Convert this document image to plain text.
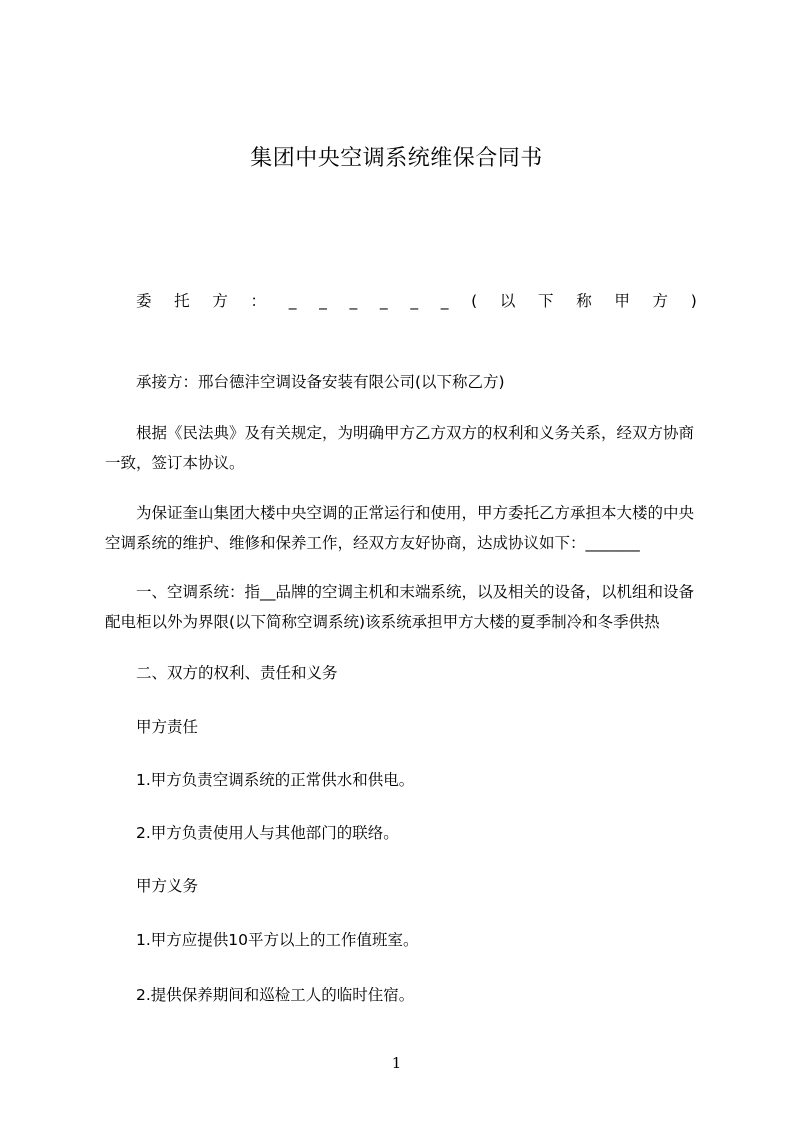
集团中央空调系统维保合同书
委 托 方 ： _ _ _ _ _ _ ( 以 下 称 甲 方 )

承接方：邢台德沣空调设备安装有限公司(以下称乙方)

根据《民法典》及有关规定，为明确甲方乙方双方的权利和义务关系，经双方协商一致，签订本协议。

为保证奎山集团大楼中央空调的正常运行和使用，甲方委托乙方承担本大楼的中央空调系统的维护、维修和保养工作，经双方友好协商，达成协议如下：_______

一、空调系统：指__品牌的空调主机和末端系统，以及相关的设备，以机组和设备配电柜以外为界限(以下简称空调系统)该系统承担甲方大楼的夏季制冷和冬季供热

二、双方的权利、责任和义务

甲方责任

1.甲方负责空调系统的正常供水和供电。

2.甲方负责使用人与其他部门的联络。

甲方义务

1.甲方应提供10平方以上的工作值班室。

2.提供保养期间和巡检工人的临时住宿。

1
